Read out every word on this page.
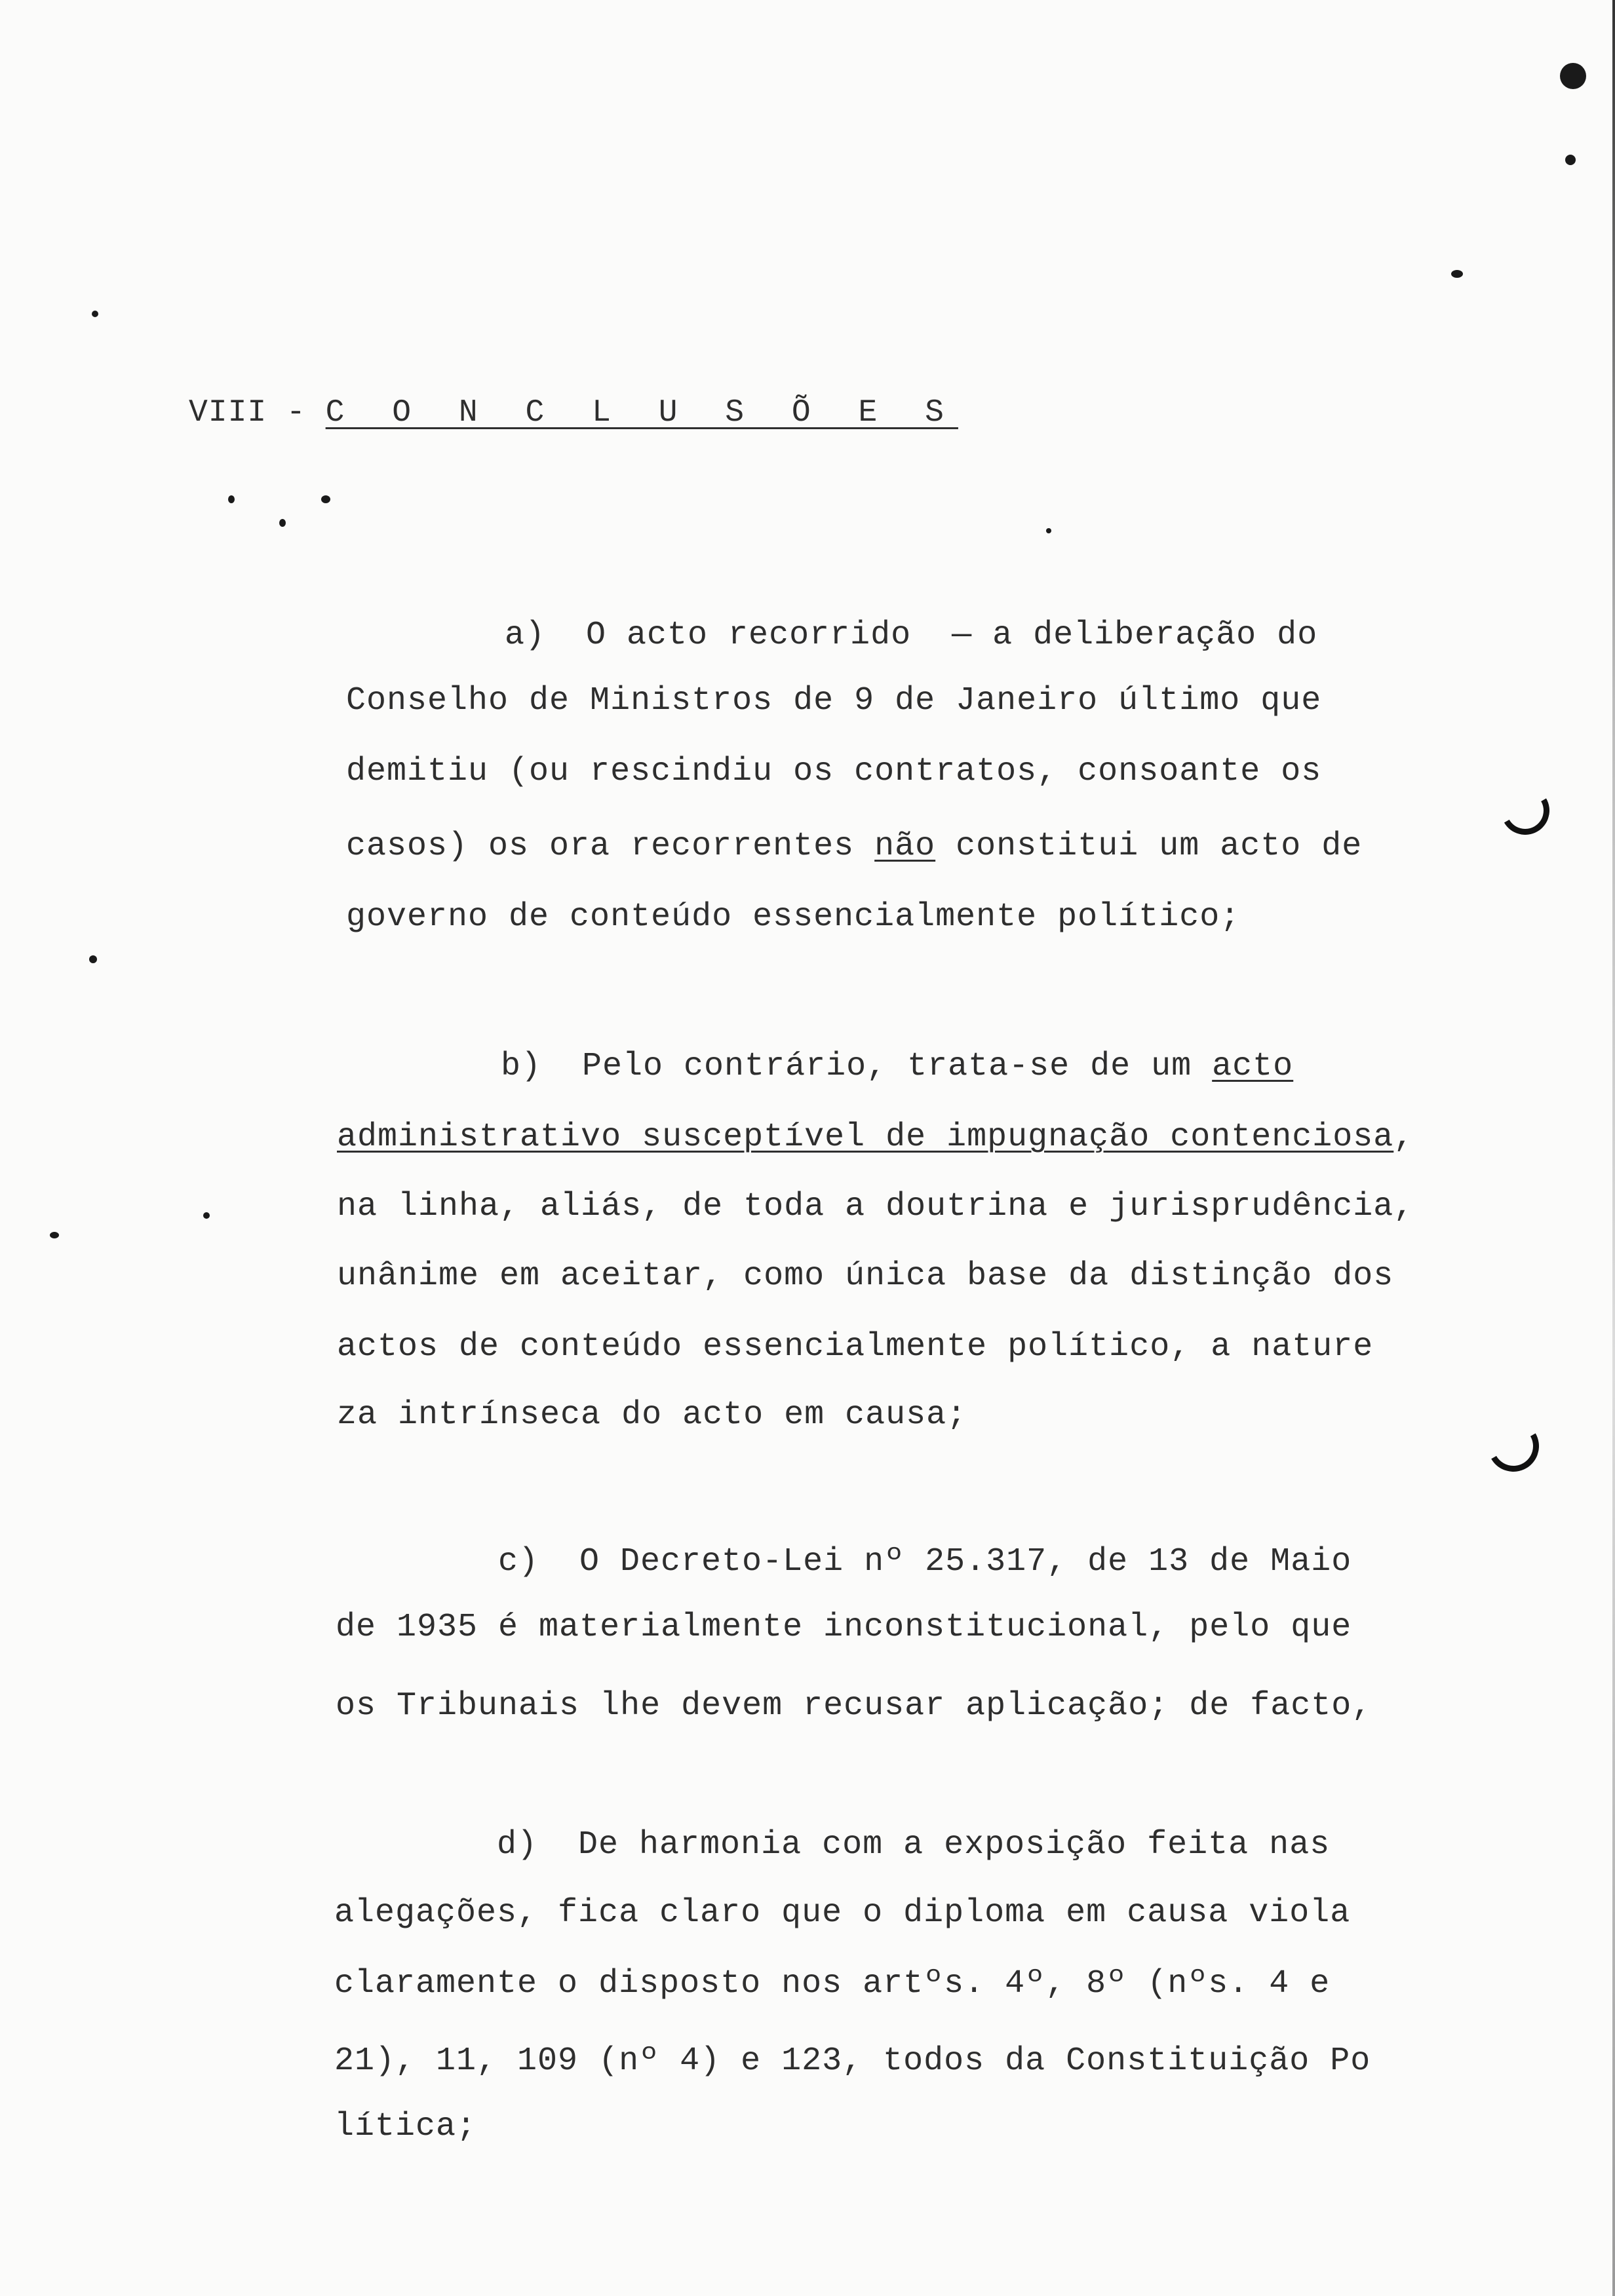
VIII - C O N C L U S Õ E S
a)  O acto recorrido  — a deliberação do
Conselho de Ministros de 9 de Janeiro último que
demitiu (ou rescindiu os contratos, consoante os
casos) os ora recorrentes não constitui um acto de
governo de conteúdo essencialmente político;
b)  Pelo contrário, trata-se de um acto
administrativo susceptível de impugnação contenciosa,
na linha, aliás, de toda a doutrina e jurisprudência,
unânime em aceitar, como única base da distinção dos
actos de conteúdo essencialmente político, a nature
za intrínseca do acto em causa;
c)  O Decreto-Lei nº 25.317, de 13 de Maio
de 1935 é materialmente inconstitucional, pelo que
os Tribunais lhe devem recusar aplicação; de facto,
d)  De harmonia com a exposição feita nas
alegações, fica claro que o diploma em causa viola
claramente o disposto nos artºs. 4º, 8º (nºs. 4 e
21), 11, 109 (nº 4) e 123, todos da Constituição Po
lítica;
